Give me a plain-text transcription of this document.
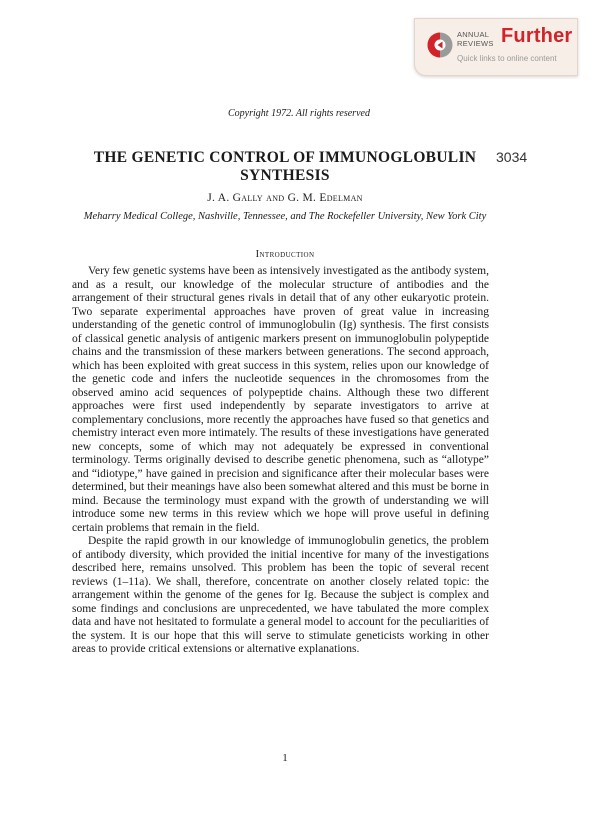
ANNUAL
REVIEWS Further
Quick links to online content
Copyright 1972. All rights reserved
THE GENETIC CONTROL OF IMMUNOGLOBULIN SYNTHESIS
3034
J. A. Gally and G. M. Edelman
Meharry Medical College, Nashville, Tennessee, and The Rockefeller University, New York City
Introduction

Very few genetic systems have been as intensively investigated as the antibody system, and as a result, our knowledge of the molecular structure of antibodies and the arrangement of their structural genes rivals in detail that of any other eukaryotic protein. Two separate experimental approaches have proven of great value in increasing understanding of the genetic control of immunoglobulin (Ig) synthesis. The first consists of classical genetic analysis of antigenic markers present on immunoglobulin polypeptide chains and the transmission of these markers between generations. The second approach, which has been exploited with great success in this system, relies upon our knowledge of the genetic code and infers the nucleotide sequences in the chromosomes from the observed amino acid sequences of polypeptide chains. Although these two different approaches were first used independently by separate investigators to arrive at complementary conclusions, more recently the approaches have fused so that genetics and chemistry interact even more intimately. The results of these investigations have generated new concepts, some of which may not adequately be expressed in conventional terminology. Terms originally devised to describe genetic phenomena, such as “allotype” and “idiotype,” have gained in precision and significance after their molecular bases were determined, but their meanings have also been somewhat altered and this must be borne in mind. Because the terminology must expand with the growth of understanding we will introduce some new terms in this review which we hope will prove useful in defining certain problems that remain in the field.

Despite the rapid growth in our knowledge of immunoglobulin genetics, the problem of antibody diversity, which provided the initial incentive for many of the investigations described here, remains unsolved. This problem has been the topic of several recent reviews (1–11a). We shall, therefore, concentrate on another closely related topic: the arrangement within the genome of the genes for Ig. Because the subject is complex and some findings and conclusions are unprecedented, we have tabulated the more complex data and have not hesitated to formulate a general model to account for the peculiarities of the system. It is our hope that this will serve to stimulate geneticists working in other areas to provide critical extensions or alternative explanations.

1
